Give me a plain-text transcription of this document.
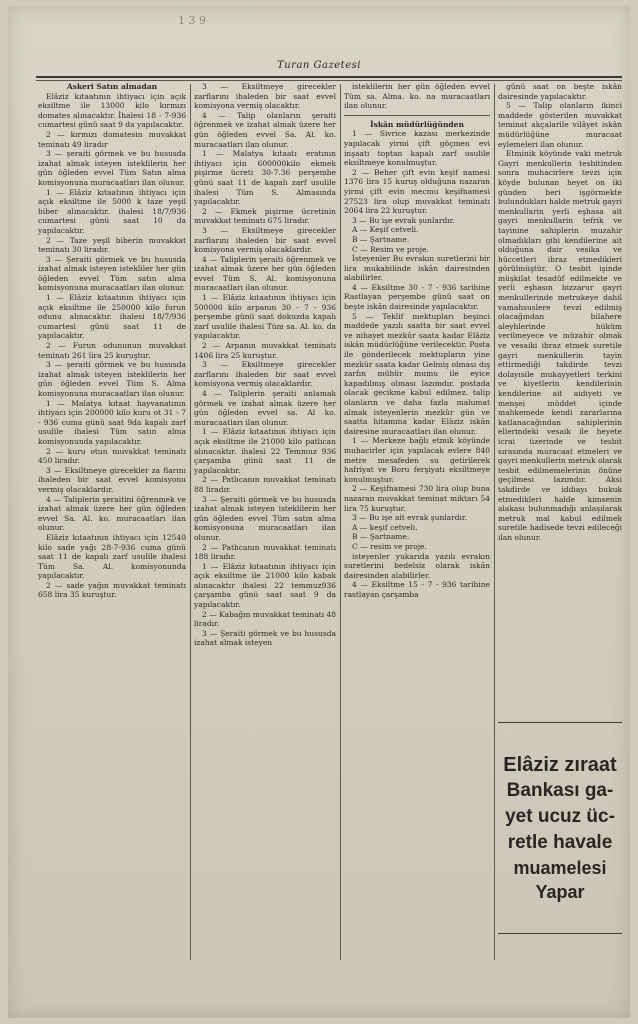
1 3 9
Turan Gazetesi

Askeri Satın almadan

Elâziz kıtaatının ihtiyacı için açık eksiltme ile 13000 kilo kırmızı domates alınacaktır. İhalesi 18 - 7-936 cumartesi günü saat 9 da yapılacaktır.

2 — kırmızı domatesin muvakkat teminatı 49 liradır

3 — şeraiti görmek ve bu hususda izahat almak isteyen isteklilerin her gün öğleden evvel Tüm Satın alma komisyonuna muracaatları ilan olunur.

1 — Elâziz kıtaatının ihtiyacı için açık eksiltme ile 5000 k taze yeşil biber alınacaktır. ihalesi 18/7/936 cumartesi günü saat 10 da yapılacaktır.

2 — Taze yeşil biberin muvakkat teminatı 30 liradır.

3 — Şeraiti görmek ve bu hususda izahat almak isteyen istekliler her gün öğleden evvel Tüm satın alma komisyonuna muracaatları ilan olunur.

1 — Elâziz kıtaatının ihtiyacı için açık eksiltme ile 250000 kilo furun odunu alınacaktır. ihalesi 18/7/936 cumartesi günü saat 11 de yapılacaktır.

2 — Furun odununun muvakkat teminatı 261 lira 25 kuruştur.

3 — şeraiti görmek ve bu hususda izahat almak isteyen isteklilerin her gün öğleden evvel Tüm S. Alma komisyonuna muracaatları ilan olunur.

1 — Malatya kıtaat hayvanatının ihtiyacı için 200000 kilo kuru ot 31 - 7 - 936 cuma günü saat 9da kapalı zarf usulile ihalesi Tüm satın alma komisyonunda yapılacaktır.

2 — kuru otun muvakkat teminatı 450 liradır.

3 — Eksiltmeye girecekler za flarını ihaleden bir saat evvel komisyonu vermiş olacaklardır.

4 — Taliplerin şeraitini öğrenmek ve izahat almak üzere her gün öğleden evvel Sa. Al. ko. muracaatları ilan olunur.

Elâziz kıtaatının ihtiyacı için 12540 kilo sade yağı 28-7-936 cuma günü saat 11 de kapalı zarf usulile ihalesi Tüm Sa. Al. komisyonunda yapılacaktır.

2 — sade yağın muvakkat teminatı 658 lira 35 kuruştur.

3 — Eksiltmeye girecekler zarflarını ihaleden bir saat evvel komisyona vermiş olacaktır.

4 — Talip olanların şeraiti öğrenmek ve izahat almak üzere her gün öğleden evvel Sa. Al. ko. muracaatları ilan olunur.

1 — Malatya kıtaatı eratının ihtiyacı için 600000kilo ekmek pişirme ücreti 30-7.36 perşembe günü saat 11 de kapalı zarf usulile ihalesi Tüm S. Almasında yapılacaktır.

2 — Ekmek pişirme ücretinin muvakkat teminatı 675 liradır.

3 — Eksiltmeye girecekler zarflarını ihaleden bir saat evvel komisyona vermiş olacaklardır.

4 — Taliplerin şeraiti öğrenmek ve izahat almak üzere her gün öğleden evvel Tüm S. Al. komisyonuna muracaatları ilan olunur.

1 — Elâziz kıtaatının ihtiyacı için 500000 kilo arpanın 30 - 7 - 936 perşembe günü saat dokuzda kapalı zarf usulile ihalesi Tüm sa. Al. ko. da yapılacaktır.

2 — Arpanın muvakkat teminatı 1406 lira 25 kuruştur.

3 — Eksiltmeye girecekler zarflarını ihaleden bir saat evvel komisyona vermiş olacaklardır.

4 — Taliplerin şeraiti anlamak görmek ve izahat almak üzere her gün öğleden evvel sa. Al ko. muracaatları ilan olunur.

1 — Elâziz kıtaatının ihtiyacı için açık eksiltme ile 21000 kilo patlıcan alınacaktır. ihalesi 22 Temmuz 936 çarşamba günü saat 11 de yapılacaktır.

2 — Patlıcanın muvakkat teminatı 88 liradır.

3 — Şeraiti görmek ve bu hususda izahat almak isteyen isteklilerin her gün öğleden evvel Tüm satın alma komisyonuna muracaatları ilan olunur.

2 — Pathcanın muvakkat teminatı 188 liradır.

1 — Elâziz kıtaatının ihtiyacı için açık eksiltme ile 21000 kilo kabak alınacaktır ihalesi 22 temmuz936 çarşamba günü saat saat 9 da yapılacaktır.

2 — Kabağın muvakkat teminatı 48 liradır.

3 — Şeraiti görmek ve bu hususda izahat almak isteyen

isteklilerin her gün öğleden evvel Tüm sa. Alma. ko. na muracaatları ilan olunur.

İskân müdürlüğünden

1 — Sivrice kazası merkezinde yapılacak yirmi çift göçmen evi inşaatı toptan kapalı zarf usulile eksiltmeye konulmuştur.

2 — Beher çift evin keşif namesi 1376 lira 15 kuruş olduğuna nazaran yirmi çift evin mecmu keşifnamesi 27523 lira olup muvakkat teminatı 2064 lira 22 kuruştur.

3 — Bu işe evrak şunlardır.

A — Keşif cetveli.

B — Şartname.

C — Resim ve proje.

İsteyenler Bu evrakın suretlerini bir lira mukabilinde iskân dairesinden alabilirler.

4 — Eksiltme 30 - 7 - 936 tarihine Rastlayan perşembe günü saat on beşte iskân dairesinde yapılacaktır.

5 — Teklif mektupları beşinci maddede yazılı saatta bir saat evvel ve nihayet mezkûr saata kadar Elâziz iskân müdürlüğüne verilecektir. Posta ile gönderilecek mektupların yine mezkûr saata kadar Gelmiş olması dış zarfın mühür mumu ile eyice kapadılmış olması lazımdır. postada olacak gecikme kabul edilmez. talip olanların ve daha fazla malumat almak isteyenlerin mezkûr gün ve saatta hitamına kadar Elâziz iskân dairesine muracaatları ilan olunur.

1 — Merkeze bağlı etmik köyünde muhacirler için yapılacak evlere 840 metre mesafeden su getirilerek hafriyat ve Boru ferşiyatı eksiltmeye konulmuştur.

2 — Keşifnamesi 730 lira olup buna nazaran muvakkat teminat miktarı 54 lira 75 kuruştur.

3 — Bu işe ait evrak şunlardır.

A — keşif cetveli.

B — Şartname.

C — resim ve proje.

isteyenler yukarıda yazılı evrakın suretlerini bedelsiz olarak iskân dairesinden alabilirler.

4 — Eksiltme 15 - 7 - 936 tarihine rastlayan çarşamba

günü saat on beşte iskân dairesinde yapılacaktır.

5 — Talip olanların ikinci maddede gösterilen muvakkat teminat akçalarile vilâyet iskân müdürlüğüne muracaat eylemeleri ilan olunur.

Etminik köyünde vaki metruk Gayri menkullerin tesbitinden sonra muhacirlere tevzi için köyde bulunan heyet on iki günden beri işgörmekte bulundukları halde metruk gayri menkullarin yerli eşhasa ait gayri menkullarin tefrik ve tayinine sahiplerin muzahir olmadıkları gibi kendilerine ait olduğuna dair vesika ve hüccetleri ibraz etmedikleri görülmüştür. O tesbit işinde müşkilat tesadüf edilmekte ve yerli eşhasın bizzarur gayri menkullerinde metrukeye dahil vamahsuslere tevzi edilmiş olacağından bilahere aleyhlerinde hüküm verilmeyece ve müzahir olmak ve vesaiki ibraz etmek suretile gayri menkullerin tayin ettirmediği takdirde tevzi dolayısile mukayyetleri terkini ve kiyetlerin kendilerinin kendilerine ait aidiyeti ve menşei müddet içinde mahkemede kendi zararlarına katlanacağından sahiplerinin ellerindeki vesaik ile heyete icrai üzerinde ve tesbit sırasında muracaat etmeleri ve gayri menkullerin metruk olarak tesbit edilmemelerinin önüne geçilmesi lazımdır. Aksi takdirde ve iddiayı bukuk etmedikleri halde kimsenin alakası bulunmadığı anlaşılarak metruk mal kabul edilmek suretile hadisede tevzi edileceği ilan olunur.

Elâziz zıraat
Bankası ga-
yet ucuz üc-
retle havale
muamelesi
Yapar
